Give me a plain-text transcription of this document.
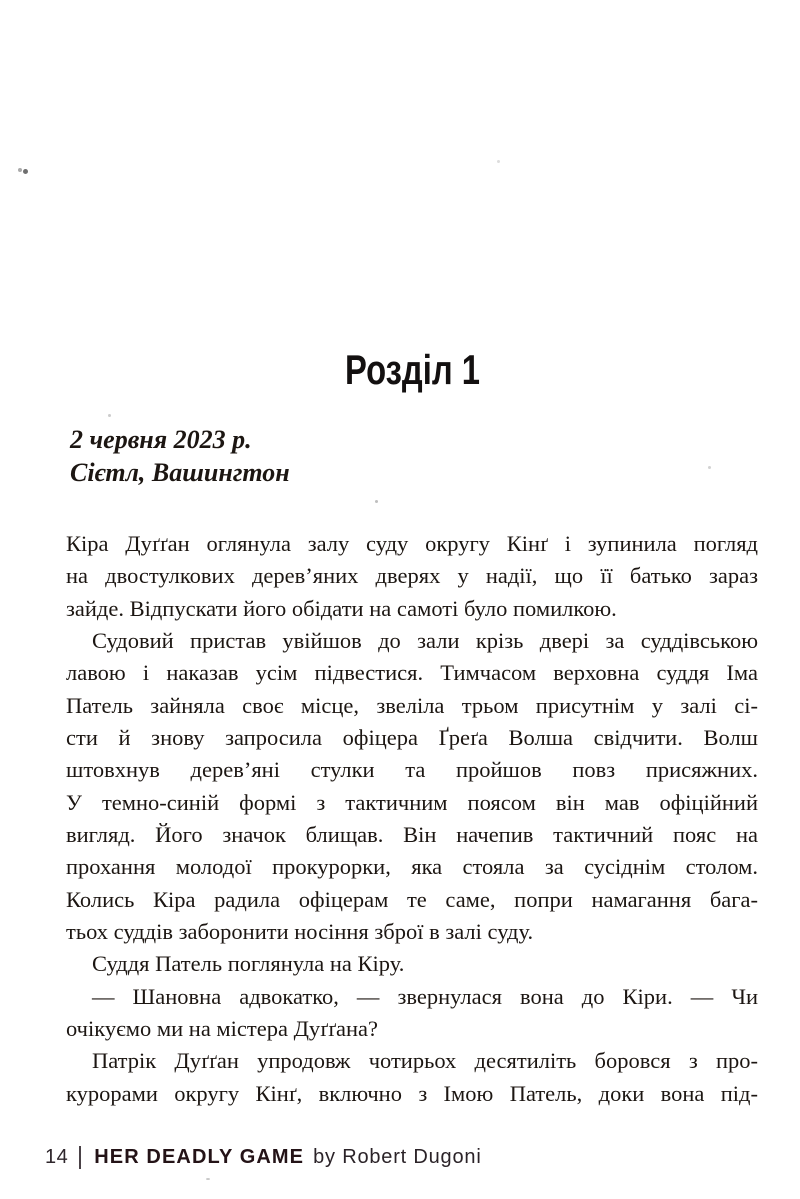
Розділ 1
2 червня 2023 р.
Сієтл, Вашингтон
Кіра Дуґґан оглянула залу суду округу Кінґ і зупинила погляд
на двостулкових дерев’яних дверях у надії, що її батько зараз
зайде. Відпускати його обідати на самоті було помилкою.
Судовий пристав увійшов до зали крізь двері за суддівською
лавою і наказав усім підвестися. Тимчасом верховна суддя Іма
Патель зайняла своє місце, звеліла трьом присутнім у залі сі-
сти й знову запросила офіцера Ґреґа Волша свідчити. Волш
штовхнув дерев’яні стулки та пройшов повз присяжних.
У темно-синій формі з тактичним поясом він мав офіційний
вигляд. Його значок блищав. Він начепив тактичний пояс на
прохання молодої прокурорки, яка стояла за сусіднім столом.
Колись Кіра радила офіцерам те саме, попри намагання бага-
тьох суддів заборонити носіння зброї в залі суду.
Суддя Патель поглянула на Кіру.
— Шановна адвокатко, — звернулася вона до Кіри. — Чи
очікуємо ми на містера Дуґґана?
Патрік Дуґґан упродовж чотирьох десятиліть боровся з про-
курорами округу Кінґ, включно з Імою Патель, доки вона під-
14 HER DEADLY GAME by Robert Dugoni
